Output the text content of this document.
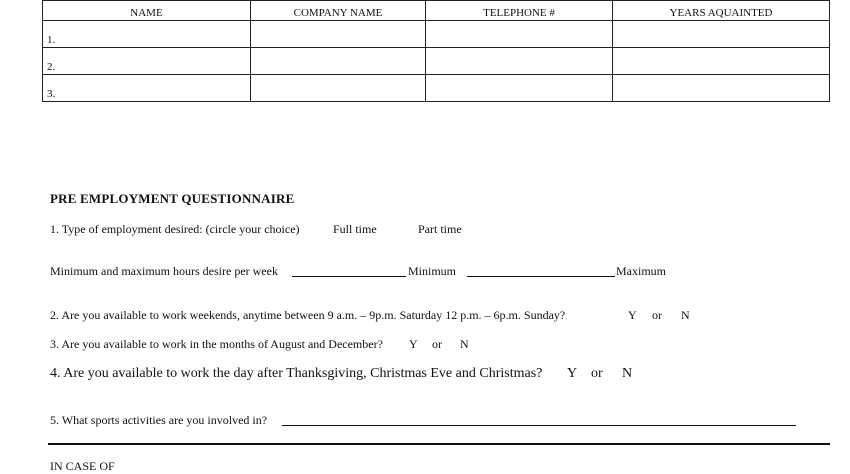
NAME	COMPANY NAME	TELEPHONE #	YEARS AQUAINTED
1.			
2.			
3.			
PRE EMPLOYMENT QUESTIONNAIRE
1. Type of employment desired: (circle your choice)	Full time	Part time
Minimum and maximum hours desire per week	Minimum	Maximum
2. Are you available to work weekends, anytime between 9 a.m. – 9p.m. Saturday 12 p.m. – 6p.m. Sunday?	Y or N
3. Are you available to work in the months of August and December? Y or N
4. Are you available to work the day after Thanksgiving, Christmas Eve and Christmas? Y or N
5. What sports activities are you involved in?
IN CASE OF
